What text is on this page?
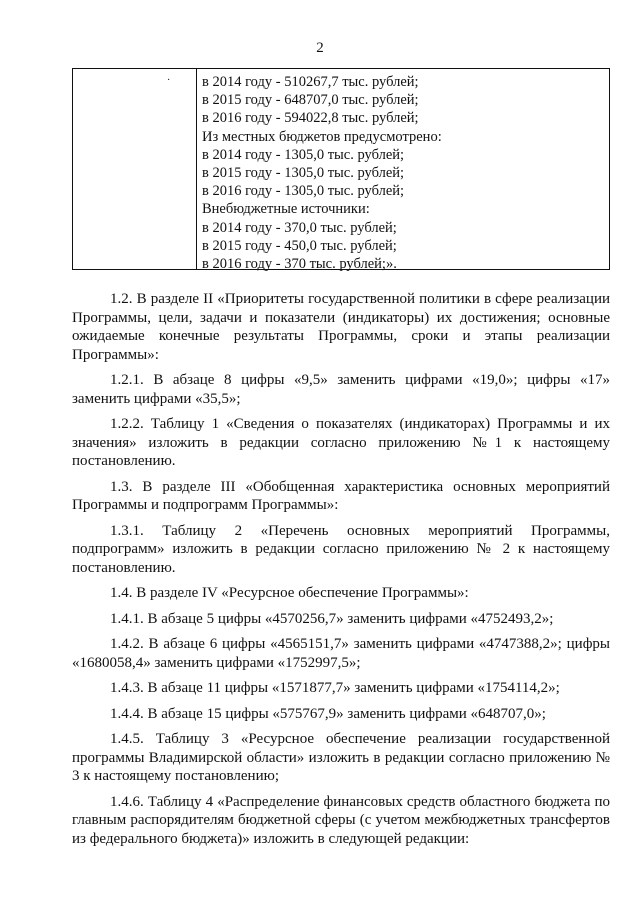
2
· в 2014 году - 510267,7 тыс. рублей;
в 2015 году - 648707,0 тыс. рублей;
в 2016 году - 594022,8 тыс. рублей;
Из местных бюджетов предусмотрено:
в 2014 году - 1305,0 тыс. рублей;
в 2015 году - 1305,0 тыс. рублей;
в 2016 году - 1305,0 тыс. рублей;
Внебюджетные источники:
в 2014 году - 370,0 тыс. рублей;
в 2015 году - 450,0 тыс. рублей;
в 2016 году - 370 тыс. рублей;».

1.2. В разделе II «Приоритеты государственной политики в сфере реализации Программы, цели, задачи и показатели (индикаторы) их достижения; основные ожидаемые конечные результаты Программы, сроки и этапы реализации Программы»:

1.2.1. В абзаце 8 цифры «9,5» заменить цифрами «19,0»; цифры «17» заменить цифрами «35,5»;

1.2.2. Таблицу 1 «Сведения о показателях (индикаторах) Программы и их значения» изложить в редакции согласно приложению №1 к настоящему постановлению.

1.3. В разделе III «Обобщенная характеристика основных мероприятий Программы и подпрограмм Программы»:

1.3.1. Таблицу 2 «Перечень основных мероприятий Программы, подпрограмм» изложить в редакции согласно приложению № 2 к настоящему постановлению.

1.4. В разделе IV «Ресурсное обеспечение Программы»:

1.4.1. В абзаце 5 цифры «4570256,7» заменить цифрами «4752493,2»;

1.4.2. В абзаце 6 цифры «4565151,7» заменить цифрами «4747388,2»; цифры «1680058,4» заменить цифрами «1752997,5»;

1.4.3. В абзаце 11 цифры «1571877,7» заменить цифрами «1754114,2»;

1.4.4. В абзаце 15 цифры «575767,9» заменить цифрами «648707,0»;

1.4.5. Таблицу 3 «Ресурсное обеспечение реализации государственной программы Владимирской области» изложить в редакции согласно приложению № 3 к настоящему постановлению;

1.4.6. Таблицу 4 «Распределение финансовых средств областного бюджета по главным распорядителям бюджетной сферы (с учетом межбюджетных трансфертов из федерального бюджета)» изложить в следующей редакции:
